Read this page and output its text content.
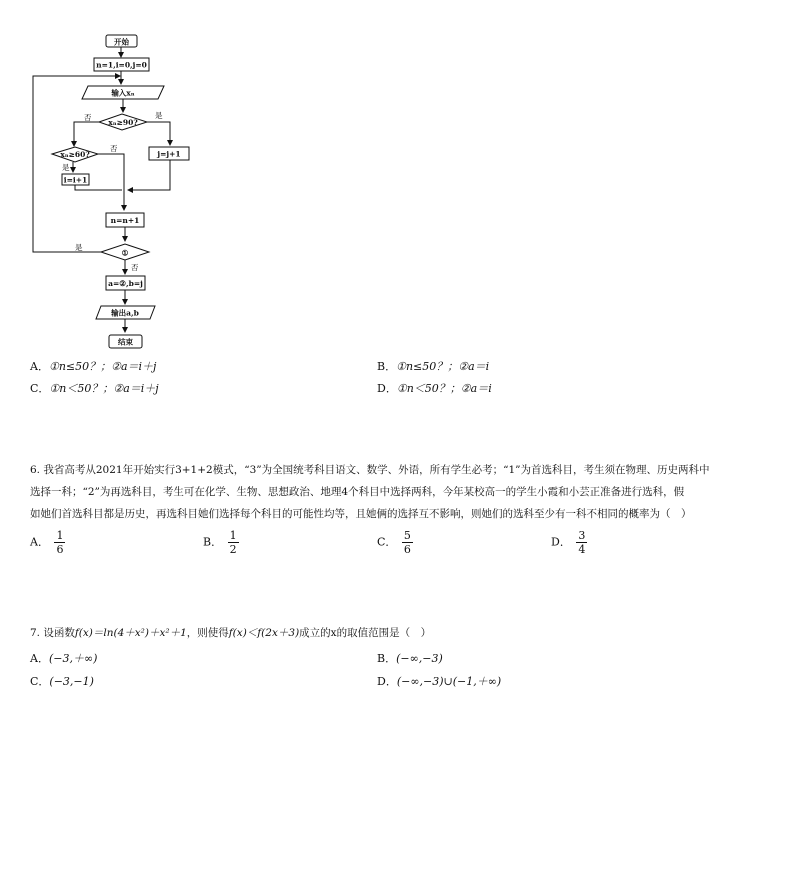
开始
n=1,i=0,j=0
输入xₙ
xₙ≥90?
xₙ≥60?	j=j+1
i=i+1
n=n+1
①
a=②,b=j
输出a,b
结束
否	是
否
是
是
否
A．①n≤50？；②a＝i＋j	B．①n≤50？；②a＝i
C．①n＜50？；②a＝i＋j	D．①n＜50？；②a＝i
6. 我省高考从2021年开始实行3+1+2模式，“3”为全国统考科目语文、数学、外语，所有学生必考；“1”为首选科目，考生须在物理、历史两科中
选择一科；“2”为再选科目，考生可在化学、生物、思想政治、地理4个科目中选择两科，今年某校高一的学生小霞和小芸正准备进行选科，假
如她们首选科目都是历史，再选科目她们选择每个科目的可能性均等，且她俩的选择互不影响，则她们的选科至少有一科不相同的概率为（　）
A． $\frac{1}{6}$	B． $\frac{1}{2}$	C． $\frac{5}{6}$	D． $\frac{3}{4}$
7. 设函数f(x)＝ln(4＋x²)＋x²＋1，则使得f(x)＜f(2x＋3)成立的x的取值范围是（　）
A．(−3,＋∞)	B．(−∞,−3)
C．(−3,−1)	D．(−∞,−3)∪(−1,＋∞)
